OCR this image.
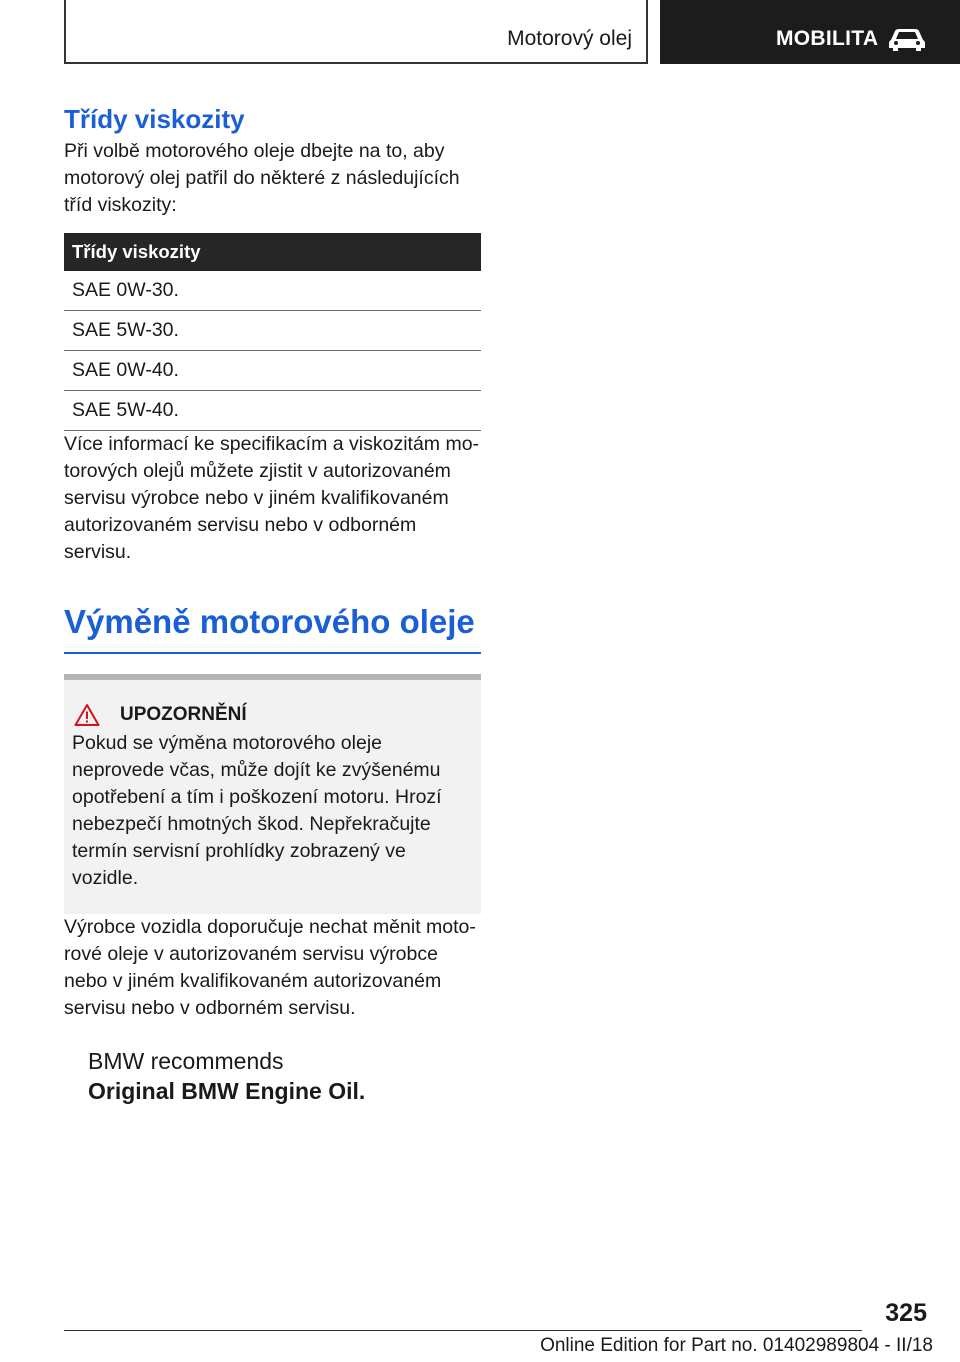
Motorový olej	MOBILITA
Třídy viskozity

Při volbě motorového oleje dbejte na to, aby motorový olej patřil do některé z následujících tříd viskozity:

Třídy viskozity
SAE 0W-30.
SAE 5W-30.
SAE 0W-40.
SAE 5W-40.

Více informací ke specifikacím a viskozitám motorových olejů můžete zjistit v autorizovaném servisu výrobce nebo v jiném kvalifikovaném autorizovaném servisu nebo v odborném servisu.

Výměně motorového oleje
UPOZORNĚNÍ

Pokud se výměna motorového oleje neprovede včas, může dojít ke zvýšenému opotřebení a tím i poškození motoru. Hrozí nebezpečí hmotných škod. Nepřekračujte termín servisní prohlídky zobrazený ve vozidle.

Výrobce vozidla doporučuje nechat měnit motorové oleje v autorizovaném servisu výrobce nebo v jiném kvalifikovaném autorizovaném servisu nebo v odborném servisu.

BMW recommends
Original BMW Engine Oil.
325
Online Edition for Part no. 01402989804 - II/18
